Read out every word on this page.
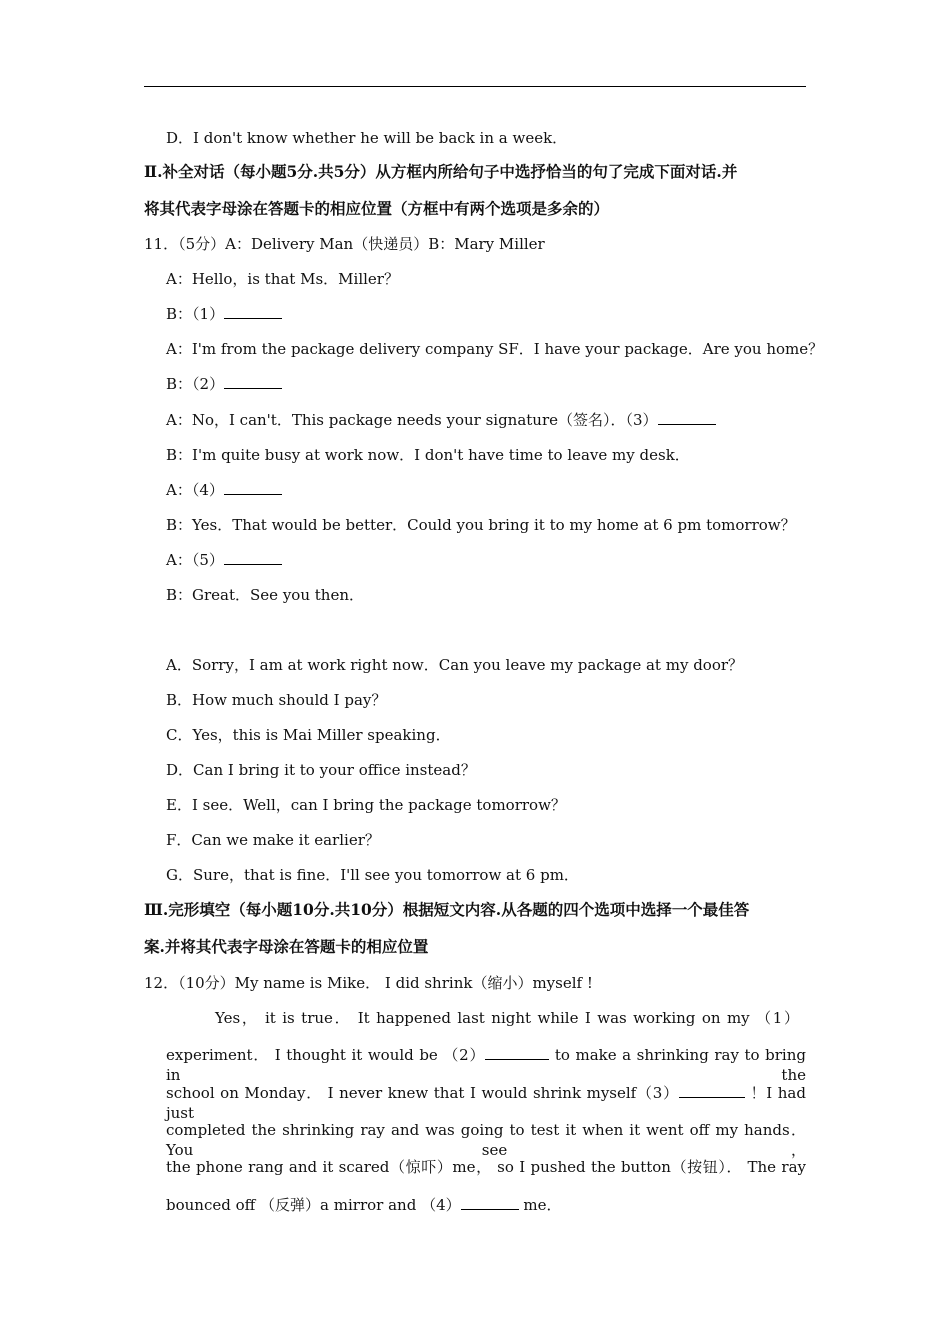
D．I don't know whether he will be back in a week．
Ⅱ.补全对话（每小题5分.共5分）从方框内所给句子中选抒恰当的句了完成下面对话.并
将其代表字母涂在答题卡的相应位置（方框中有两个选项是多余的）
11．（5分）A：Delivery Man（快递员）B：Mary Miller
A：Hello，is that Ms．Miller？
B：（1）
A：I'm from the package delivery company SF．I have your package．Are you home？
B：（2）
A：No，I can't．This package needs your signature（签名）．（3）
B：I'm quite busy at work now．I don't have time to leave my desk．
A：（4）
B：Yes．That would be better．Could you bring it to my home at 6 pm tomorrow？
A：（5）
B：Great．See you then．
A．Sorry，I am at work right now．Can you leave my package at my door？
B．How much should I pay？
C．Yes，this is Mai Miller speaking．
D．Can I bring it to your office instead？
E．I see．Well，can I bring the package tomorrow？
F．Can we make it earlier？
G．Sure，that is fine．I'll see you tomorrow at 6 pm．
Ⅲ.完形填空（每小题10分.共10分）根据短文内容.从各题的四个选项中选择一个最佳答
案.并将其代表字母涂在答题卡的相应位置
12．（10分）My name is Mike． I did shrink（缩小）myself !
Yes， it is true． It happened last night while I was working on my （1）
experiment． I thought it would be （2）	to make a shrinking ray to bring in the
school on Monday． I never knew that I would shrink myself（3）	！I had just
completed the shrinking ray and was going to test it when it went off my hands． You see，
the phone rang and it scared（惊吓）me， so I pushed the button（按钮）． The ray
bounced off （反弹）a mirror and （4）	me．
